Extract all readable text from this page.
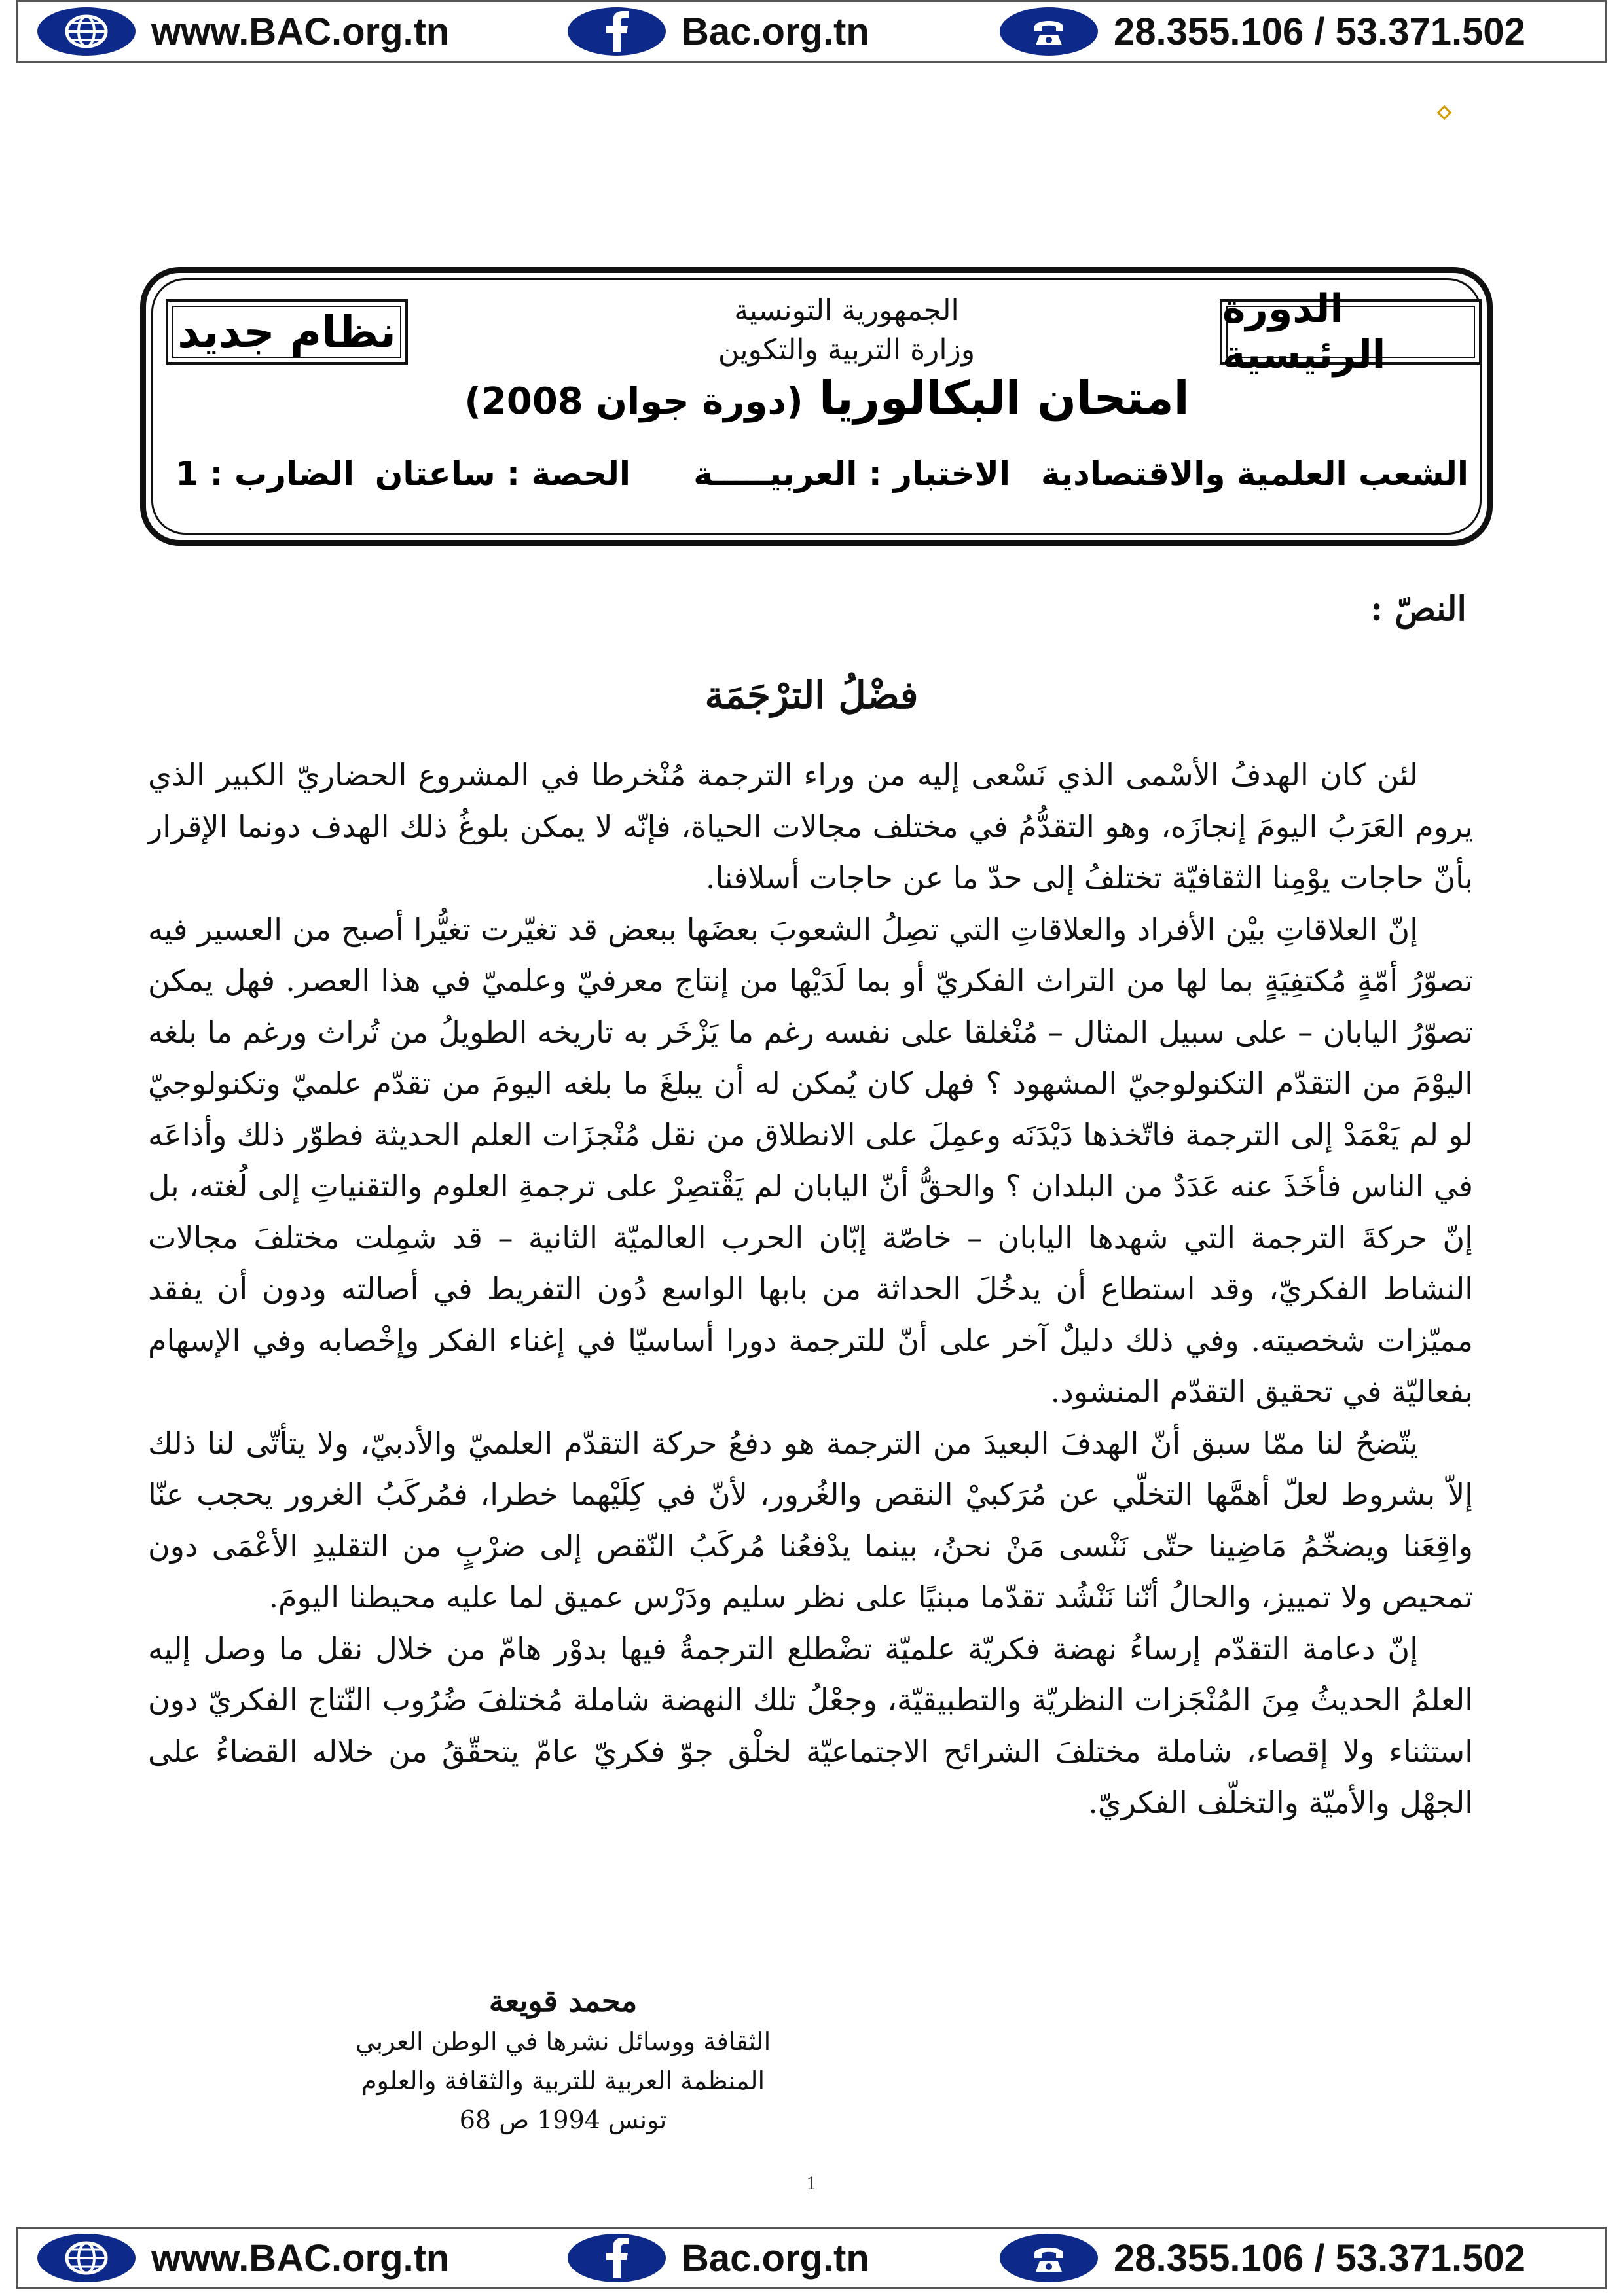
www.BAC.org.tn	Bac.org.tn	28.355.106 / 53.371.502
الدورة الرئيسية
الجمهورية التونسية
وزارة التربية والتكوين
نظام جديد
امتحان البكالوريا (دورة جوان 2008)
الشعب العلمية والاقتصادية
الاختبار : العربيـــــة
الحصة : ساعتان
الضارب : 1
النصّ :
فضْلُ الترْجَمَة

لئن كان الهدفُ الأسْمى الذي نَسْعى إليه من وراء الترجمة مُنْخرطا في المشروع الحضاريّ الكبير الذي يروم العَرَبُ اليومَ إنجازَه، وهو التقدُّمُ في مختلف مجالات الحياة، فإنّه لا يمكن بلوغُ ذلك الهدف دونما الإقرار بأنّ حاجات يوْمِنا الثقافيّة تختلفُ إلى حدّ ما عن حاجات أسلافنا.

إنّ العلاقاتِ بيْن الأفراد والعلاقاتِ التي تصِلُ الشعوبَ بعضَها ببعض قد تغيّرت تغيُّرا أصبح من العسير فيه تصوّرُ أمّةٍ مُكتفِيَةٍ بما لها من التراث الفكريّ أو بما لَدَيْها من إنتاج معرفيّ وعلميّ في هذا العصر. فهل يمكن تصوّرُ اليابان – على سبيل المثال – مُنْغلقا على نفسه رغم ما يَزْخَر به تاريخه الطويلُ من تُراث ورغم ما بلغه اليوْمَ من التقدّم التكنولوجيّ المشهود ؟ فهل كان يُمكن له أن يبلغَ ما بلغه اليومَ من تقدّم علميّ وتكنولوجيّ لو لم يَعْمَدْ إلى الترجمة فاتّخذها دَيْدَنَه وعمِلَ على الانطلاق من نقل مُنْجزَات العلم الحديثة فطوّر ذلك وأذاعَه في الناس فأخَذَ عنه عَدَدٌ من البلدان ؟ والحقُّ أنّ اليابان لم يَقْتصِرْ على ترجمةِ العلوم والتقنياتِ إلى لُغته، بل إنّ حركةَ الترجمة التي شهدها اليابان – خاصّة إبّان الحرب العالميّة الثانية – قد شمِلت مختلفَ مجالات النشاط الفكريّ، وقد استطاع أن يدخُلَ الحداثة من بابها الواسع دُون التفريط في أصالته ودون أن يفقد مميّزات شخصيته. وفي ذلك دليلٌ آخر على أنّ للترجمة دورا أساسيّا في إغناء الفكر وإخْصابه وفي الإسهام بفعاليّة في تحقيق التقدّم المنشود.

يتّضحُ لنا ممّا سبق أنّ الهدفَ البعيدَ من الترجمة هو دفعُ حركة التقدّم العلميّ والأدبيّ، ولا يتأتّى لنا ذلك إلاّ بشروط لعلّ أهمَّها التخلّي عن مُرَكبيْ النقص والغُرور، لأنّ في كِلَيْهما خطرا، فمُركَبُ الغرور يحجب عنّا واقِعَنا ويضخّمُ مَاضِينا حتّى نَنْسى مَنْ نحنُ، بينما يدْفعُنا مُركَبُ النّقص إلى ضرْبٍ من التقليدِ الأعْمَى دون تمحيص ولا تمييز، والحالُ أنّنا نَنْشُد تقدّما مبنيًا على نظر سليم ودَرْس عميق لما عليه محيطنا اليومَ.

إنّ دعامة التقدّم إرساءُ نهضة فكريّة علميّة تضْطلع الترجمةُ فيها بدوْر هامّ من خلال نقل ما وصل إليه العلمُ الحديثُ مِنَ المُنْجَزات النظريّة والتطبيقيّة، وجعْلُ تلك النهضة شاملة مُختلفَ ضُرُوب النّتاج الفكريّ دون استثناء ولا إقصاء، شاملة مختلفَ الشرائح الاجتماعيّة لخلْق جوّ فكريّ عامّ يتحقّقُ من خلاله القضاءُ على الجهْل والأميّة والتخلّف الفكريّ.

محمد قويعة
الثقافة ووسائل نشرها في الوطن العربي
المنظمة العربية للتربية والثقافة والعلوم
تونس 1994 ص 68
1
www.BAC.org.tn	Bac.org.tn	28.355.106 / 53.371.502
